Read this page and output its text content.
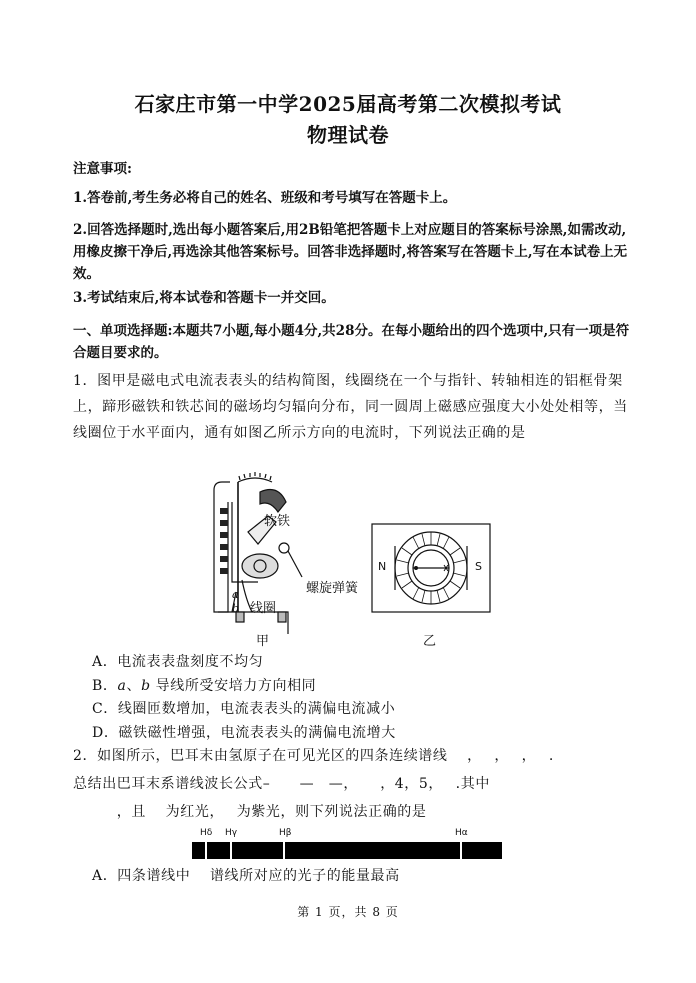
石家庄市第一中学2025届高考第二次模拟考试
物理试卷
注意事项:
1.答卷前,考生务必将自己的姓名、班级和考号填写在答题卡上。
2.回答选择题时,选出每小题答案后,用2B铅笔把答题卡上对应题目的答案标号涂黑,如需改动,用橡皮擦干净后,再选涂其他答案标号。回答非选择题时,将答案写在答题卡上,写在本试卷上无效。
3.考试结束后,将本试卷和答题卡一并交回。
一、单项选择题:本题共7小题,每小题4分,共28分。在每小题给出的四个选项中,只有一项是符合题目要求的。
1．图甲是磁电式电流表表头的结构简图，线圈绕在一个与指针、转轴相连的铝框骨架上，蹄形磁铁和铁芯间的磁场均匀辐向分布，同一圆周上磁感应强度大小处处相等，当线圈位于水平面内，通有如图乙所示方向的电流时，下列说法正确的是
软铁
螺旋弹簧
线圈
a
b
甲
N	S
乙
A．电流表表盘刻度不均匀
B．a、b 导线所受安培力方向相同
C．线圈匝数增加，电流表表头的满偏电流减小
D．磁铁磁性增强，电流表表头的满偏电流增大
2．如图所示，巴耳末由氢原子在可见光区的四条连续谱线　 ，　 ，　 ，　 .
总结出巴耳末系谱线波长公式–　　—　—，　　，4，5，　 .其中
　　　，且　 为红光，　 为紫光，则下列说法正确的是
Hδ Hγ	Hβ	Hα
A．四条谱线中　 谱线所对应的光子的能量最高
第 1 页，共 8 页
